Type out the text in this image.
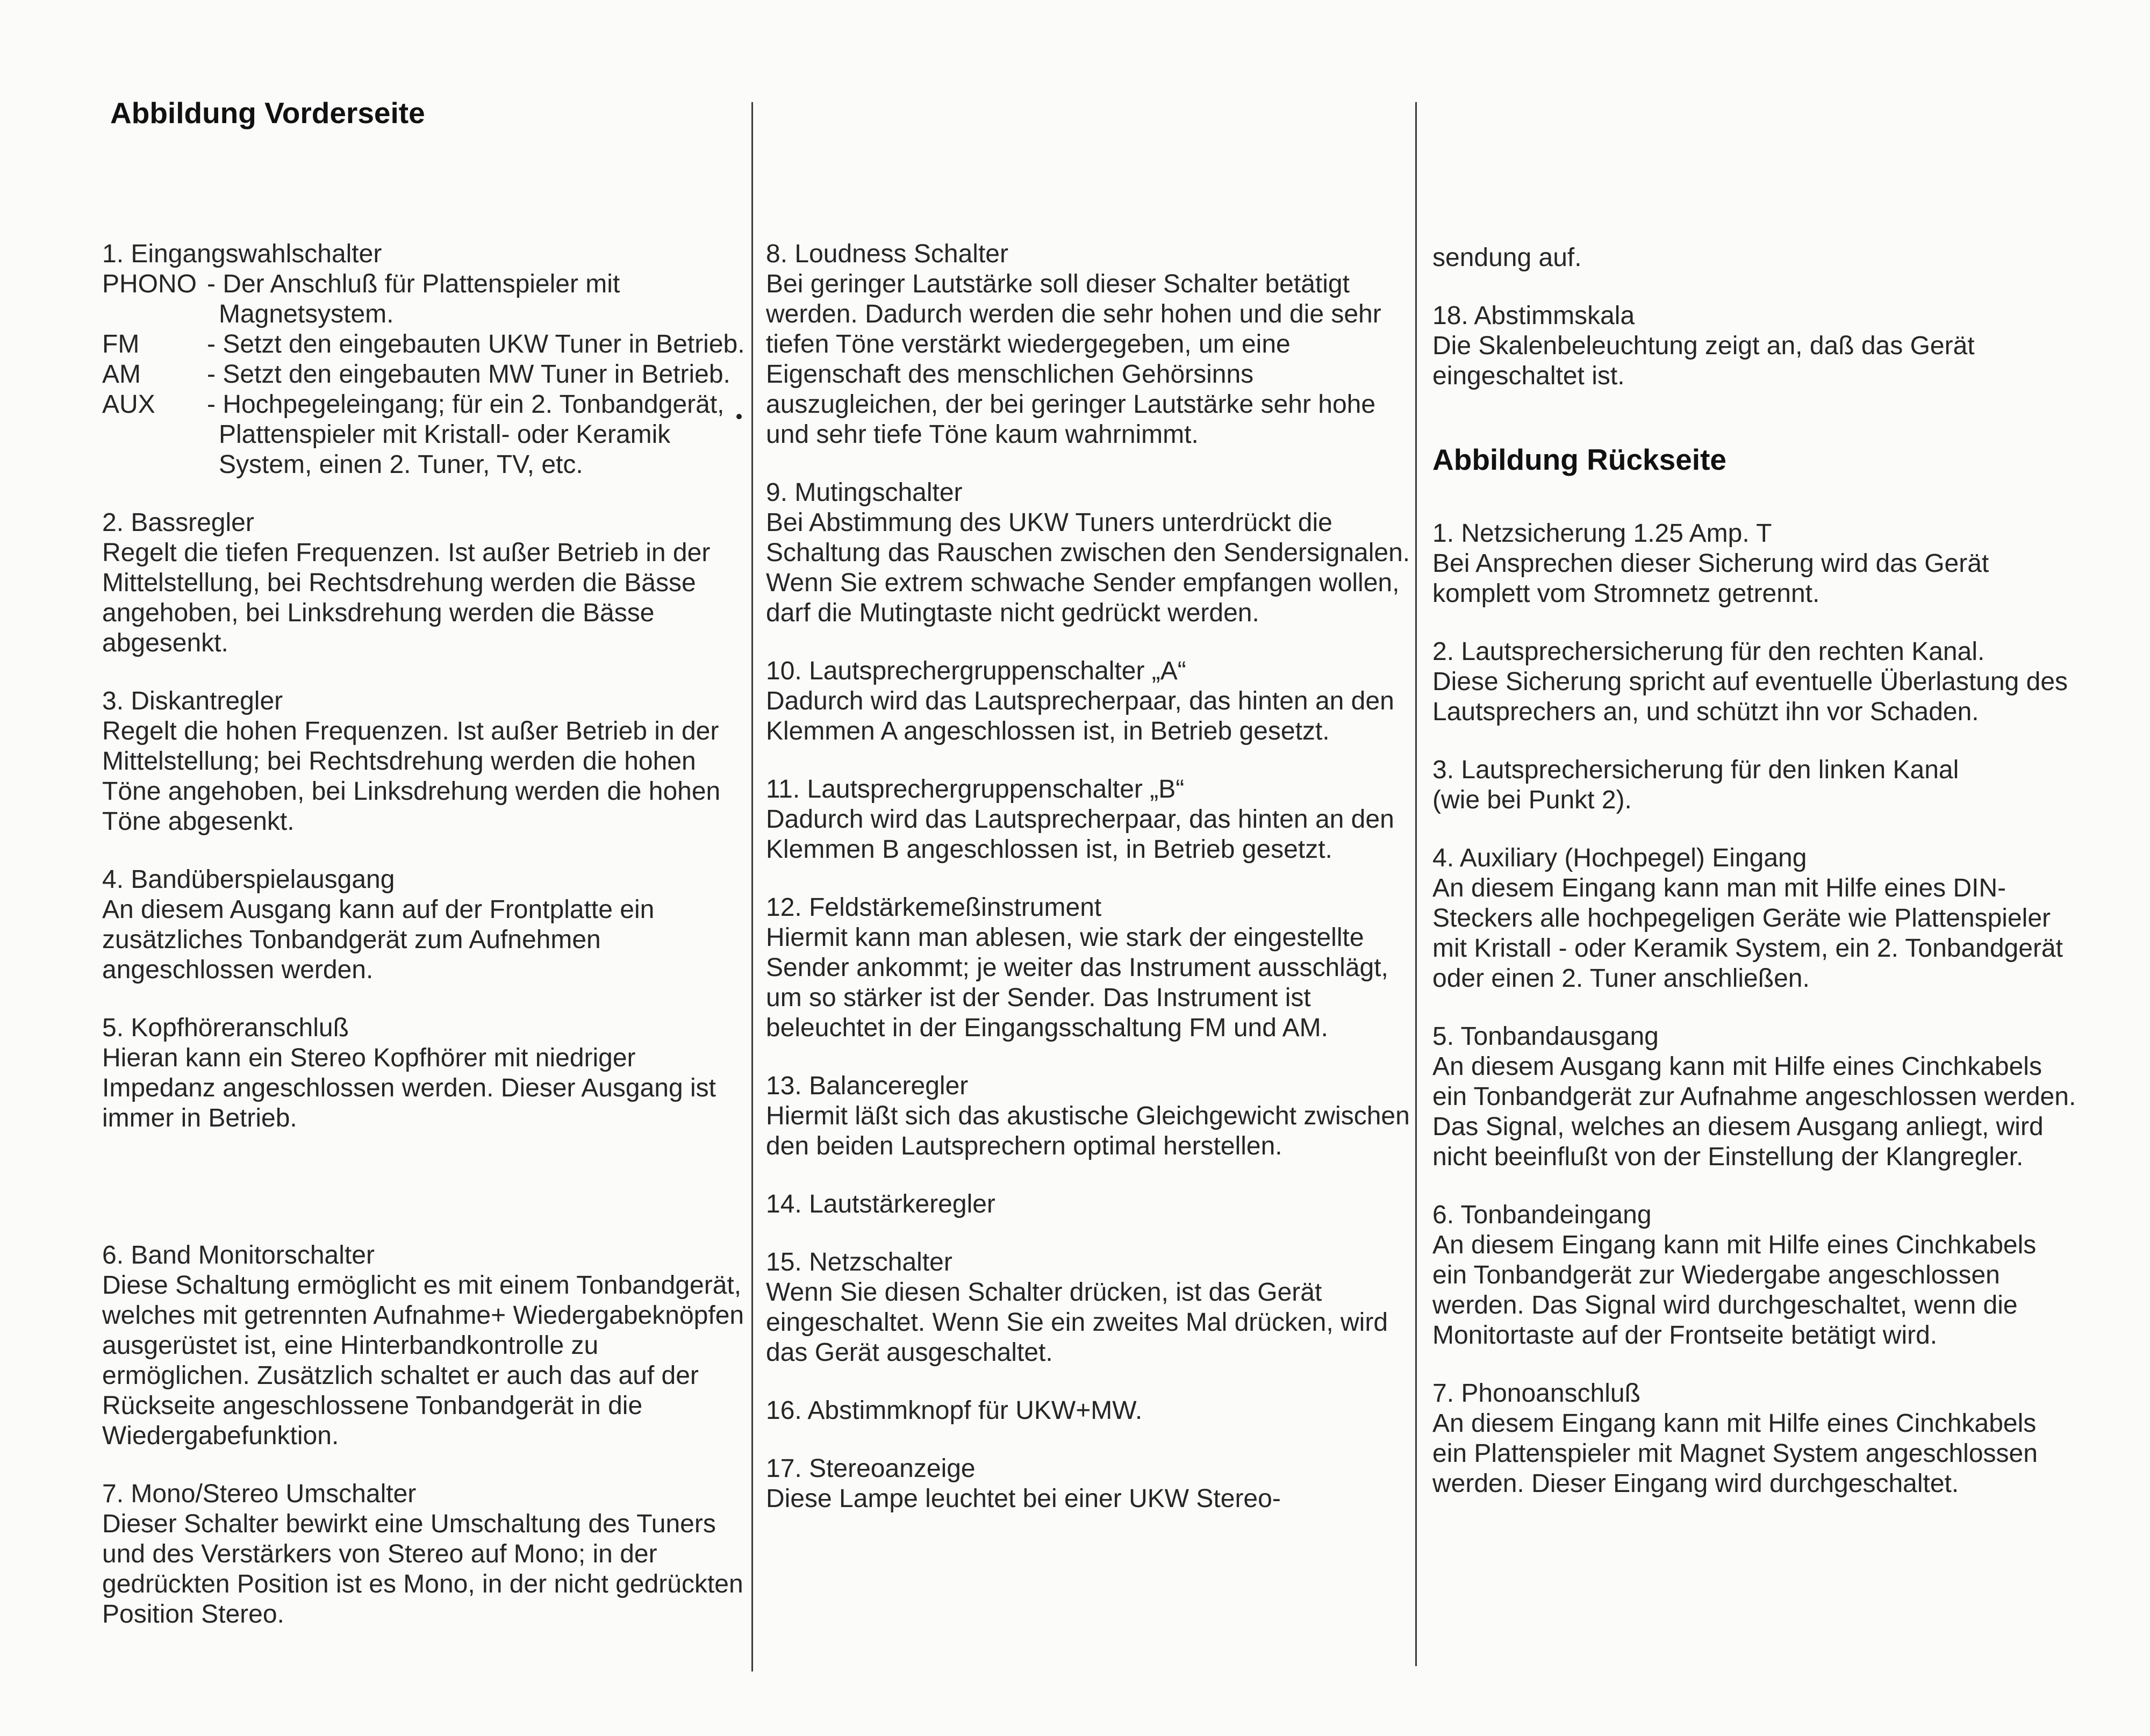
Abbildung Vorderseite
1. Eingangswahlschalter
PHONO - Der Anschluß für Plattenspieler mit Magnetsystem.
FM	- Setzt den eingebauten UKW Tuner in Betrieb.
AM	- Setzt den eingebauten MW Tuner in Betrieb.
AUX	- Hochpegeleingang; für ein 2. Tonbandgerät, Plattenspieler mit Kristall- oder Keramik System, einen 2. Tuner, TV, etc.
2. Bassregler
Regelt die tiefen Frequenzen. Ist außer Betrieb in der Mittelstellung, bei Rechtsdrehung werden die Bässe angehoben, bei Linksdrehung werden die Bässe abgesenkt.
3. Diskantregler
Regelt die hohen Frequenzen. Ist außer Betrieb in der Mittelstellung; bei Rechtsdrehung werden die hohen Töne angehoben, bei Linksdrehung werden die hohen Töne abgesenkt.
4. Bandüberspielausgang
An diesem Ausgang kann auf der Frontplatte ein zusätzliches Tonbandgerät zum Aufnehmen angeschlossen werden.
5. Kopfhöreranschluß
Hieran kann ein Stereo Kopfhörer mit niedriger Impedanz angeschlossen werden. Dieser Ausgang ist immer in Betrieb.
6. Band Monitorschalter
Diese Schaltung ermöglicht es mit einem Tonbandgerät, welches mit getrennten Aufnahme+ Wiedergabeknöpfen ausgerüstet ist, eine Hinterbandkontrolle zu ermöglichen. Zusätzlich schaltet er auch das auf der Rückseite angeschlossene Tonbandgerät in die Wiedergabefunktion.
7. Mono/Stereo Umschalter
Dieser Schalter bewirkt eine Umschaltung des Tuners und des Verstärkers von Stereo auf Mono; in der gedrückten Position ist es Mono, in der nicht gedrückten Position Stereo.
8. Loudness Schalter
Bei geringer Lautstärke soll dieser Schalter betätigt werden. Dadurch werden die sehr hohen und die sehr tiefen Töne verstärkt wiedergegeben, um eine Eigenschaft des menschlichen Gehörsinns auszugleichen, der bei geringer Lautstärke sehr hohe und sehr tiefe Töne kaum wahrnimmt.
9. Mutingschalter
Bei Abstimmung des UKW Tuners unterdrückt die Schaltung das Rauschen zwischen den Sendersignalen. Wenn Sie extrem schwache Sender empfangen wollen, darf die Mutingtaste nicht gedrückt werden.
10. Lautsprechergruppenschalter „A“
Dadurch wird das Lautsprecherpaar, das hinten an den Klemmen A angeschlossen ist, in Betrieb gesetzt.
11. Lautsprechergruppenschalter „B“
Dadurch wird das Lautsprecherpaar, das hinten an den Klemmen B angeschlossen ist, in Betrieb gesetzt.
12. Feldstärkemeßinstrument
Hiermit kann man ablesen, wie stark der eingestellte Sender ankommt; je weiter das Instrument ausschlägt, um so stärker ist der Sender. Das Instrument ist beleuchtet in der Eingangsschaltung FM und AM.
13. Balanceregler
Hiermit läßt sich das akustische Gleichgewicht zwischen den beiden Lautsprechern optimal herstellen.
14. Lautstärkeregler
15. Netzschalter
Wenn Sie diesen Schalter drücken, ist das Gerät eingeschaltet. Wenn Sie ein zweites Mal drücken, wird das Gerät ausgeschaltet.
16. Abstimmknopf für UKW+MW.
17. Stereoanzeige
Diese Lampe leuchtet bei einer UKW Stereo-
sendung auf.
18. Abstimmskala
Die Skalenbeleuchtung zeigt an, daß das Gerät eingeschaltet ist.
Abbildung Rückseite
1. Netzsicherung 1.25 Amp. T
Bei Ansprechen dieser Sicherung wird das Gerät komplett vom Stromnetz getrennt.
2. Lautsprechersicherung für den rechten Kanal.
Diese Sicherung spricht auf eventuelle Überlastung des Lautsprechers an, und schützt ihn vor Schaden.
3. Lautsprechersicherung für den linken Kanal
(wie bei Punkt 2).
4. Auxiliary (Hochpegel) Eingang
An diesem Eingang kann man mit Hilfe eines DIN-Steckers alle hochpegeligen Geräte wie Plattenspieler mit Kristall - oder Keramik System, ein 2. Tonbandgerät oder einen 2. Tuner anschließen.
5. Tonbandausgang
An diesem Ausgang kann mit Hilfe eines Cinchkabels ein Tonbandgerät zur Aufnahme angeschlossen werden. Das Signal, welches an diesem Ausgang anliegt, wird nicht beeinflußt von der Einstellung der Klangregler.
6. Tonbandeingang
An diesem Eingang kann mit Hilfe eines Cinchkabels ein Tonbandgerät zur Wiedergabe angeschlossen werden. Das Signal wird durchgeschaltet, wenn die Monitortaste auf der Frontseite betätigt wird.
7. Phonoanschluß
An diesem Eingang kann mit Hilfe eines Cinchkabels ein Plattenspieler mit Magnet System angeschlossen werden. Dieser Eingang wird durchgeschaltet.
